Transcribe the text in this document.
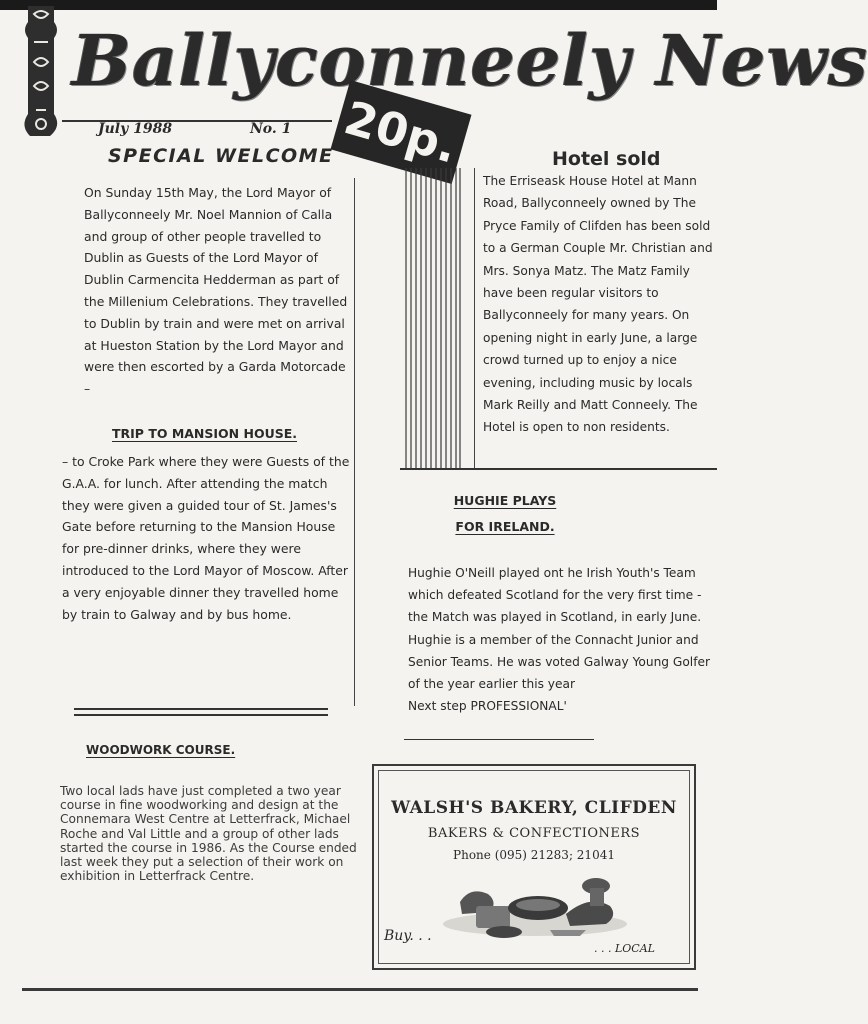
Ballyconneely News
July 1988	No. 1 20p.
SPECIAL WELCOME
On Sunday 15th May, the Lord Mayor of Ballyconneely Mr. Noel Mannion of Calla and group of other people travelled to Dublin as Guests of the Lord Mayor of Dublin Carmencita Hedderman as part of the Millenium Celebrations. They travelled to Dublin by train and were met on arrival at Hueston Station by the Lord Mayor and were then escorted by a Garda Motorcade –
TRIP TO MANSION HOUSE.
– to Croke Park where they were Guests of the G.A.A. for lunch. After attending the match they were given a guided tour of St. James's Gate before returning to the Mansion House for pre-dinner drinks, where they were introduced to the Lord Mayor of Moscow. After a very enjoyable dinner they travelled home by train to Galway and by bus home.
WOODWORK COURSE.
Two local lads have just completed a two year course in fine woodworking and design at the Connemara West Centre at Letterfrack, Michael Roche and Val Little and a group of other lads started the course in 1986. As the Course ended last week they put a selection of their work on exhibition in Letterfrack Centre.
Hotel sold
The Erriseask House Hotel at Mann Road, Ballyconneely owned by The Pryce Family of Clifden has been sold to a German Couple Mr. Christian and Mrs. Sonya Matz. The Matz Family have been regular visitors to Ballyconneely for many years. On opening night in early June, a large crowd turned up to enjoy a nice evening, including music by locals Mark Reilly and Matt Conneely. The Hotel is open to non residents.
HUGHIE PLAYS
FOR IRELAND.
Hughie O'Neill played ont he Irish Youth's Team which defeated Scotland for the very first time - the Match was played in Scotland, in early June. Hughie is a member of the Connacht Junior and Senior Teams. He was voted Galway Young Golfer of the year earlier this year
Next step PROFESSIONAL'
WALSH'S BAKERY, CLIFDEN
BAKERS & CONFECTIONERS
Phone (095) 21283; 21041
Buy. . .
. . . LOCAL
